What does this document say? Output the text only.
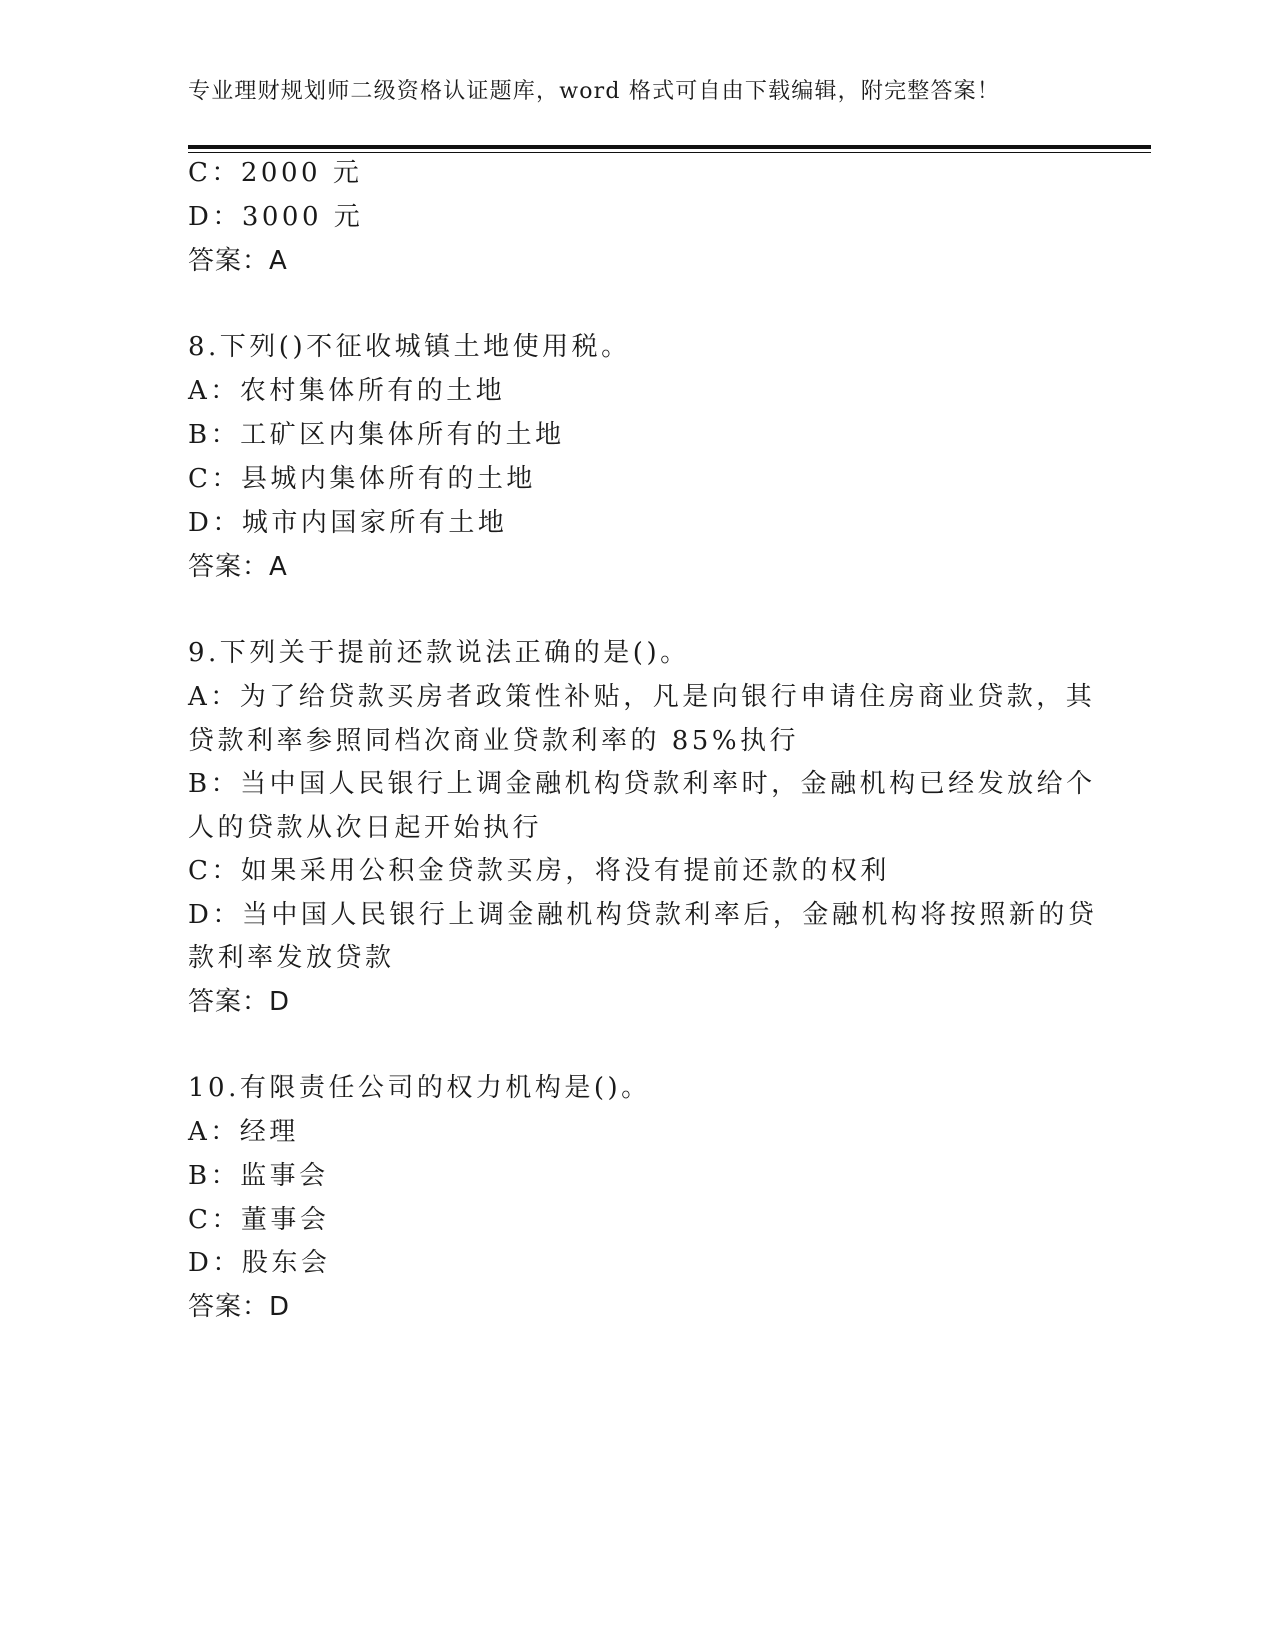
专业理财规划师二级资格认证题库，word 格式可自由下载编辑，附完整答案！
C：2000 元
D：3000 元
答案：A
8.下列()不征收城镇土地使用税。
A：农村集体所有的土地
B：工矿区内集体所有的土地
C：县城内集体所有的土地
D：城市内国家所有土地
答案：A
9.下列关于提前还款说法正确的是()。
A：为了给贷款买房者政策性补贴，凡是向银行申请住房商业贷款，其
贷款利率参照同档次商业贷款利率的 85%执行
B：当中国人民银行上调金融机构贷款利率时，金融机构已经发放给个
人的贷款从次日起开始执行
C：如果采用公积金贷款买房，将没有提前还款的权利
D：当中国人民银行上调金融机构贷款利率后，金融机构将按照新的贷
款利率发放贷款
答案：D
10.有限责任公司的权力机构是()。
A：经理
B：监事会
C：董事会
D：股东会
答案：D
